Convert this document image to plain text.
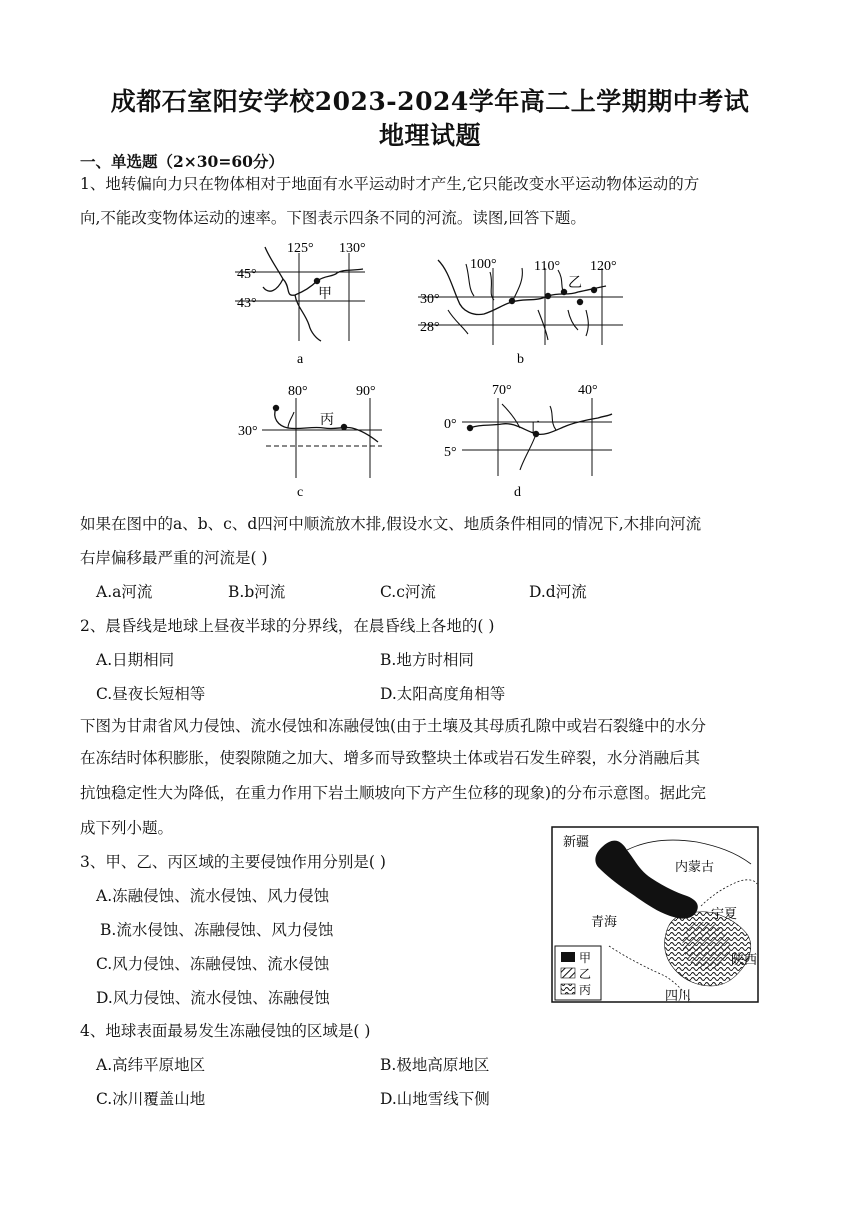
成都石室阳安学校2023-2024学年高二上学期期中考试
地理试题
一、单选题（2×30=60分）
1、地转偏向力只在物体相对于地面有水平运动时才产生,它只能改变水平运动物体运动的方
向,不能改变物体运动的速率。下图表示四条不同的河流。读图,回答下题。
125° 130°
45°
43°
甲
a
100°	110° 120°
30°
28°
乙
b
80°	90°
30°
丙
c
70°	40°
0°
5°
丁
d
如果在图中的a、b、c、d四河中顺流放木排,假设水文、地质条件相同的情况下,木排向河流
右岸偏移最严重的河流是( )
A.a河流	B.b河流	C.c河流	D.d河流
2、晨昏线是地球上昼夜半球的分界线，在晨昏线上各地的( )
A.日期相同	B.地方时相同
C.昼夜长短相等	D.太阳高度角相等
下图为甘肃省风力侵蚀、流水侵蚀和冻融侵蚀(由于土壤及其母质孔隙中或岩石裂缝中的水分
在冻结时体积膨胀，使裂隙随之加大、增多而导致整块土体或岩石发生碎裂，水分消融后其
抗蚀稳定性大为降低，在重力作用下岩土顺坡向下方产生位移的现象)的分布示意图。据此完
成下列小题。
新疆
内蒙古
青海
宁夏
陕西
四川
甲
乙
丙
3、甲、乙、丙区域的主要侵蚀作用分别是( )
A.冻融侵蚀、流水侵蚀、风力侵蚀
B.流水侵蚀、冻融侵蚀、风力侵蚀
C.风力侵蚀、冻融侵蚀、流水侵蚀
D.风力侵蚀、流水侵蚀、冻融侵蚀
4、地球表面最易发生冻融侵蚀的区域是( )
A.高纬平原地区	B.极地高原地区
C.冰川覆盖山地	D.山地雪线下侧
